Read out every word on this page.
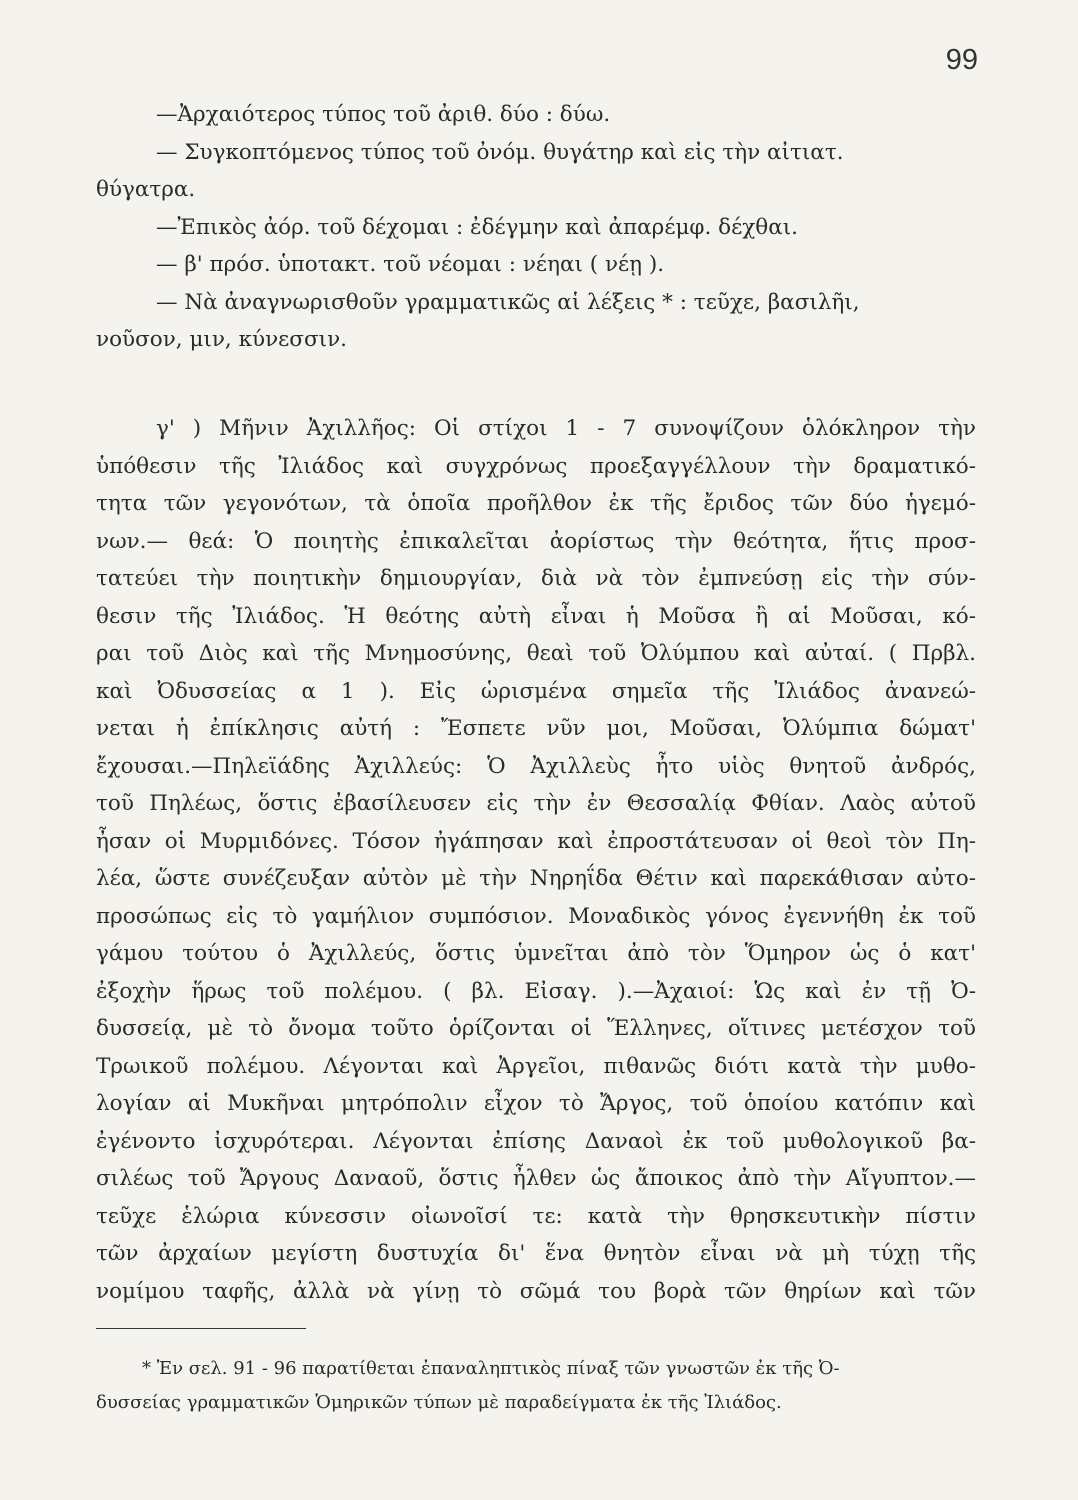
99
—Ἀρχαιότερος τύπος τοῦ ἀριθ. δύο : δύω.
— Συγκοπτόμενος τύπος τοῦ ὀνόμ. θυγάτηρ καὶ εἰς τὴν αἰτιατ.
θύγατρα.
—Ἐπικὸς ἀόρ. τοῦ δέχομαι : ἐδέγμην καὶ ἀπαρέμφ. δέχθαι.
— β' πρόσ. ὑποτακτ. τοῦ νέομαι : νέηαι ( νέῃ ).
— Νὰ ἀναγνωρισθοῦν γραμματικῶς αἱ λέξεις * : τεῦχε, βασιλῆι,
νοῦσον, μιν, κύνεσσιν.
γ' ) Μῆνιν Ἀχιλλῆος: Οἱ στίχοι 1 - 7 συνοψίζουν ὁλόκληρον τὴν
ὑπόθεσιν τῆς Ἰλιάδος καὶ συγχρόνως προεξαγγέλλουν τὴν δραματικό-
τητα τῶν γεγονότων, τὰ ὁποῖα προῆλθον ἐκ τῆς ἔριδος τῶν δύο ἡγεμό-
νων.— θεά: Ὁ ποιητὴς ἐπικαλεῖται ἀορίστως τὴν θεότητα, ἥτις προσ-
τατεύει τὴν ποιητικὴν δημιουργίαν, διὰ νὰ τὸν ἐμπνεύσῃ εἰς τὴν σύν-
θεσιν τῆς Ἰλιάδος. Ἡ θεότης αὐτὴ εἶναι ἡ Μοῦσα ἢ αἱ Μοῦσαι, κό-
ραι τοῦ Διὸς καὶ τῆς Μνημοσύνης, θεαὶ τοῦ Ὀλύμπου καὶ αὐταί. ( Πρβλ.
καὶ Ὀδυσσείας α 1 ). Εἰς ὡρισμένα σημεῖα τῆς Ἰλιάδος ἀνανεώ-
νεται ἡ ἐπίκλησις αὐτή : Ἔσπετε νῦν μοι, Μοῦσαι, Ὀλύμπια δώματ'
ἔχουσαι.—Πηλεϊάδης Ἀχιλλεύς: Ὁ Ἀχιλλεὺς ἦτο υἱὸς θνητοῦ ἀνδρός,
τοῦ Πηλέως, ὅστις ἐβασίλευσεν εἰς τὴν ἐν Θεσσαλίᾳ Φθίαν. Λαὸς αὐτοῦ
ἦσαν οἱ Μυρμιδόνες. Τόσον ἠγάπησαν καὶ ἐπροστάτευσαν οἱ θεοὶ τὸν Πη-
λέα, ὥστε συνέζευξαν αὐτὸν μὲ τὴν Νηρηΐδα Θέτιν καὶ παρεκάθισαν αὐτο-
προσώπως εἰς τὸ γαμήλιον συμπόσιον. Μοναδικὸς γόνος ἐγεννήθη ἐκ τοῦ
γάμου τούτου ὁ Ἀχιλλεύς, ὅστις ὑμνεῖται ἀπὸ τὸν Ὅμηρον ὡς ὁ κατ'
ἐξοχὴν ἥρως τοῦ πολέμου. ( βλ. Εἰσαγ. ).—Ἀχαιοί: Ὡς καὶ ἐν τῇ Ὀ-
δυσσείᾳ, μὲ τὸ ὄνομα τοῦτο ὁρίζονται οἱ Ἕλληνες, οἵτινες μετέσχον τοῦ
Τρωικοῦ πολέμου. Λέγονται καὶ Ἀργεῖοι, πιθανῶς διότι κατὰ τὴν μυθο-
λογίαν αἱ Μυκῆναι μητρόπολιν εἶχον τὸ Ἄργος, τοῦ ὁποίου κατόπιν καὶ
ἐγένοντο ἰσχυρότεραι. Λέγονται ἐπίσης Δαναοὶ ἐκ τοῦ μυθολογικοῦ βα-
σιλέως τοῦ Ἄργους Δαναοῦ, ὅστις ἦλθεν ὡς ἄποικος ἀπὸ τὴν Αἴγυπτον.—
τεῦχε ἑλώρια κύνεσσιν οἰωνοῖσί τε: κατὰ τὴν θρησκευτικὴν πίστιν
τῶν ἀρχαίων μεγίστη δυστυχία δι' ἕνα θνητὸν εἶναι νὰ μὴ τύχῃ τῆς
νομίμου ταφῆς, ἀλλὰ νὰ γίνῃ τὸ σῶμά του βορὰ τῶν θηρίων καὶ τῶν
* Ἐν σελ. 91 - 96 παρατίθεται ἐπαναληπτικὸς πίναξ τῶν γνωστῶν ἐκ τῆς Ὀ-
δυσσείας γραμματικῶν Ὁμηρικῶν τύπων μὲ παραδείγματα ἐκ τῆς Ἰλιάδος.
